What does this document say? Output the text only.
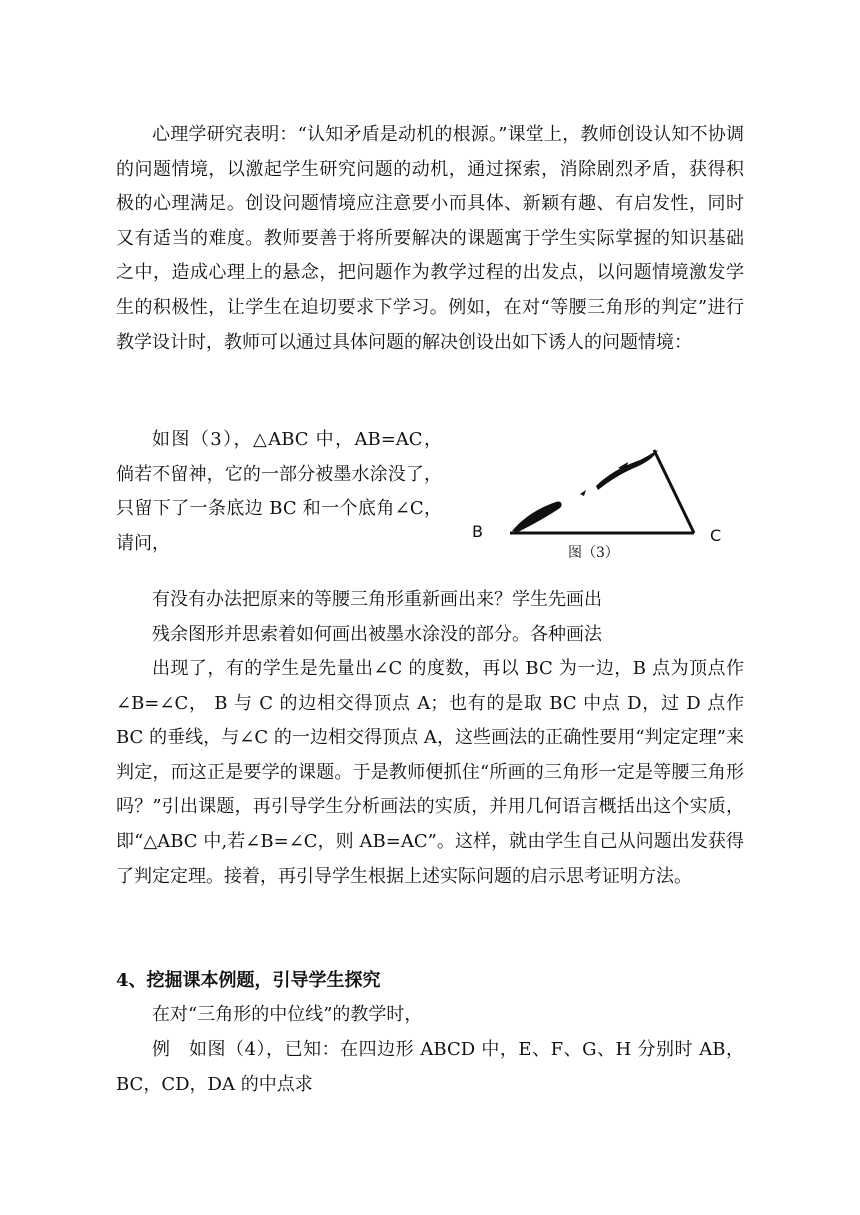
心理学研究表明：“认知矛盾是动机的根源。”课堂上，教师创设认知不协调的问题情境，以激起学生研究问题的动机，通过探索，消除剧烈矛盾，获得积极的心理满足。创设问题情境应注意要小而具体、新颖有趣、有启发性，同时又有适当的难度。教师要善于将所要解决的课题寓于学生实际掌握的知识基础之中，造成心理上的悬念，把问题作为教学过程的出发点，以问题情境激发学生的积极性，让学生在迫切要求下学习。例如，在对“等腰三角形的判定”进行教学设计时，教师可以通过具体问题的解决创设出如下诱人的问题情境：

如图（3），△ABC 中，AB=AC，倘若不留神，它的一部分被墨水涂没了，只留下了一条底边 BC 和一个底角∠C，请问，

B	C
图（3）

有没有办法把原来的等腰三角形重新画出来？学生先画出

残余图形并思索着如何画出被墨水涂没的部分。各种画法

出现了，有的学生是先量出∠C 的度数，再以 BC 为一边，B 点为顶点作∠B=∠C， B 与 C 的边相交得顶点 A；也有的是取 BC 中点 D，过 D 点作 BC 的垂线，与∠C 的一边相交得顶点 A，这些画法的正确性要用“判定定理”来判定，而这正是要学的课题。于是教师便抓住“所画的三角形一定是等腰三角形吗？”引出课题，再引导学生分析画法的实质，并用几何语言概括出这个实质，即“△ABC 中,若∠B=∠C，则 AB=AC”。这样，就由学生自己从问题出发获得了判定定理。接着，再引导学生根据上述实际问题的启示思考证明方法。

4、挖掘课本例题，引导学生探究

在对“三角形的中位线”的教学时，

例　如图（4），已知：在四边形 ABCD 中，E、F、G、H 分别时 AB，BC，CD，DA 的中点求
